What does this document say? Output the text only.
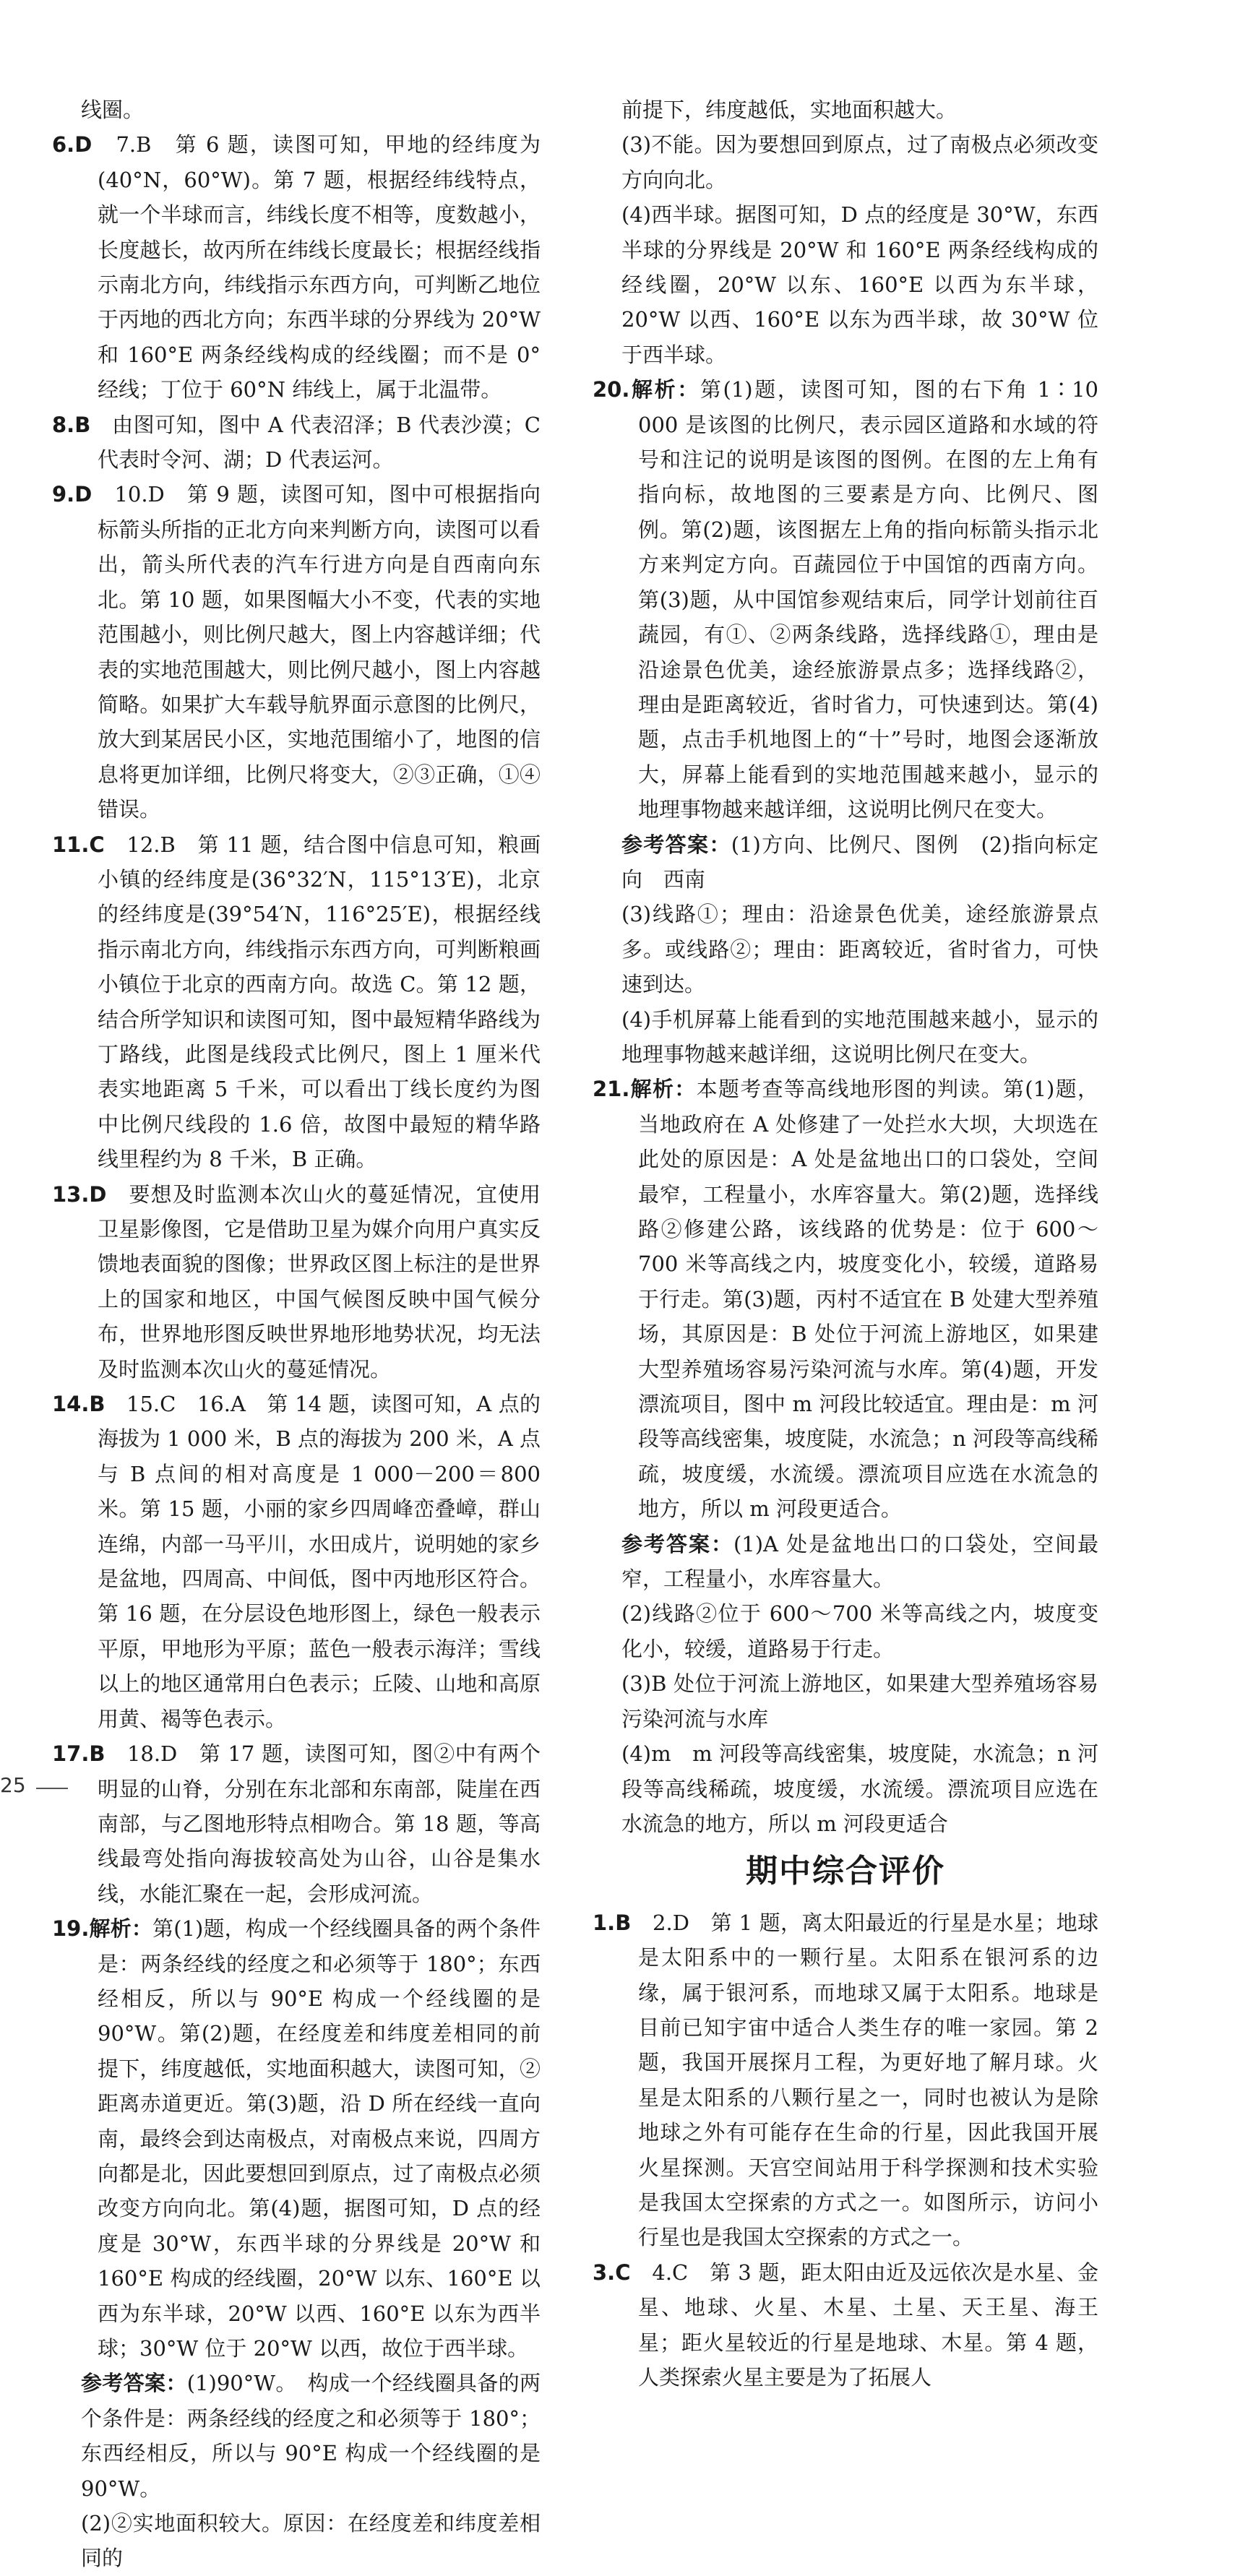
线圈。

6.D　 7.B　第 6 题，读图可知，甲地的经纬度为(40°N，60°W)。第 7 题，根据经纬线特点，就一个半球而言，纬线长度不相等，度数越小，长度越长，故丙所在纬线长度最长；根据经线指示南北方向，纬线指示东西方向，可判断乙地位于丙地的西北方向；东西半球的分界线为 20°W 和 160°E 两条经线构成的经线圈；而不是 0°经线；丁位于 60°N 纬线上，属于北温带。

8.B　 由图可知，图中 A 代表沼泽；B 代表沙漠；C 代表时令河、湖；D 代表运河。

9.D　 10.D　第 9 题，读图可知，图中可根据指向标箭头所指的正北方向来判断方向，读图可以看出，箭头所代表的汽车行进方向是自西南向东北。第 10 题，如果图幅大小不变，代表的实地范围越小，则比例尺越大，图上内容越详细；代表的实地范围越大，则比例尺越小，图上内容越简略。如果扩大车载导航界面示意图的比例尺，放大到某居民小区，实地范围缩小了，地图的信息将更加详细，比例尺将变大，②③正确，①④错误。

11.C　 12.B　第 11 题，结合图中信息可知，粮画小镇的经纬度是(36°32′N，115°13′E)，北京的经纬度是(39°54′N，116°25′E)，根据经线指示南北方向，纬线指示东西方向，可判断粮画小镇位于北京的西南方向。故选 C。第 12 题，结合所学知识和读图可知，图中最短精华路线为丁路线，此图是线段式比例尺，图上 1 厘米代表实地距离 5 千米，可以看出丁线长度约为图中比例尺线段的 1.6 倍，故图中最短的精华路线里程约为 8 千米，B 正确。

13.D　 要想及时监测本次山火的蔓延情况，宜使用卫星影像图，它是借助卫星为媒介向用户真实反馈地表面貌的图像；世界政区图上标注的是世界上的国家和地区，中国气候图反映中国气候分布，世界地形图反映世界地形地势状况，均无法及时监测本次山火的蔓延情况。

14.B　 15.C　16.A　第 14 题，读图可知，A 点的海拔为 1 000 米，B 点的海拔为 200 米，A 点与 B 点间的相对高度是 1 000－200＝800 米。第 15 题，小丽的家乡四周峰峦叠嶂，群山连绵，内部一马平川，水田成片，说明她的家乡是盆地，四周高、中间低，图中丙地形区符合。第 16 题，在分层设色地形图上，绿色一般表示平原，甲地形为平原；蓝色一般表示海洋；雪线以上的地区通常用白色表示；丘陵、山地和高原用黄、褐等色表示。

17.B　 18.D　第 17 题，读图可知，图②中有两个明显的山脊，分别在东北部和东南部，陡崖在西南部，与乙图地形特点相吻合。第 18 题，等高线最弯处指向海拔较高处为山谷，山谷是集水线，水能汇聚在一起，会形成河流。

19.解析：第(1)题，构成一个经线圈具备的两个条件是：两条经线的经度之和必须等于 180°；东西经相反，所以与 90°E 构成一个经线圈的是 90°W。第(2)题，在经度差和纬度差相同的前提下，纬度越低，实地面积越大，读图可知，②距离赤道更近。第(3)题，沿 D 所在经线一直向南，最终会到达南极点，对南极点来说，四周方向都是北，因此要想回到原点，过了南极点必须改变方向向北。第(4)题，据图可知，D 点的经度是 30°W，东西半球的分界线是 20°W 和 160°E 构成的经线圈，20°W 以东、160°E 以西为东半球，20°W 以西、160°E 以东为西半球；30°W 位于 20°W 以西，故位于西半球。

参考答案：(1)90°W。　构成一个经线圈具备的两个条件是：两条经线的经度之和必须等于 180°；东西经相反，所以与 90°E 构成一个经线圈的是 90°W。

(2)②实地面积较大。原因：在经度差和纬度差相同的

前提下，纬度越低，实地面积越大。

(3)不能。因为要想回到原点，过了南极点必须改变方向向北。

(4)西半球。据图可知，D 点的经度是 30°W，东西半球的分界线是 20°W 和 160°E 两条经线构成的经线圈，20°W 以东、160°E 以西为东半球，20°W 以西、160°E 以东为西半球，故 30°W 位于西半球。

20.解析：第(1)题，读图可知，图的右下角 1∶10 000 是该图的比例尺，表示园区道路和水域的符号和注记的说明是该图的图例。在图的左上角有指向标，故地图的三要素是方向、比例尺、图例。第(2)题，该图据左上角的指向标箭头指示北方来判定方向。百蔬园位于中国馆的西南方向。第(3)题，从中国馆参观结束后，同学计划前往百蔬园，有①、②两条线路，选择线路①，理由是沿途景色优美，途经旅游景点多；选择线路②，理由是距离较近，省时省力，可快速到达。第(4)题，点击手机地图上的“十”号时，地图会逐渐放大，屏幕上能看到的实地范围越来越小，显示的地理事物越来越详细，这说明比例尺在变大。

参考答案：(1)方向、比例尺、图例　(2)指向标定向　西南

(3)线路①；理由：沿途景色优美，途经旅游景点多。或线路②；理由：距离较近，省时省力，可快速到达。

(4)手机屏幕上能看到的实地范围越来越小，显示的地理事物越来越详细，这说明比例尺在变大。

21.解析：本题考查等高线地形图的判读。第(1)题，当地政府在 A 处修建了一处拦水大坝，大坝选在此处的原因是：A 处是盆地出口的口袋处，空间最窄，工程量小，水库容量大。第(2)题，选择线路②修建公路，该线路的优势是：位于 600～700 米等高线之内，坡度变化小，较缓，道路易于行走。第(3)题，丙村不适宜在 B 处建大型养殖场，其原因是：B 处位于河流上游地区，如果建大型养殖场容易污染河流与水库。第(4)题，开发漂流项目，图中 m 河段比较适宜。理由是：m 河段等高线密集，坡度陡，水流急；n 河段等高线稀疏，坡度缓，水流缓。漂流项目应选在水流急的地方，所以 m 河段更适合。

参考答案：(1)A 处是盆地出口的口袋处，空间最窄，工程量小，水库容量大。

(2)线路②位于 600～700 米等高线之内，坡度变化小，较缓，道路易于行走。

(3)B 处位于河流上游地区，如果建大型养殖场容易污染河流与水库

(4)m　m 河段等高线密集，坡度陡，水流急；n 河段等高线稀疏，坡度缓，水流缓。漂流项目应选在水流急的地方，所以 m 河段更适合

期中综合评价

1.B　 2.D　第 1 题，离太阳最近的行星是水星；地球是太阳系中的一颗行星。太阳系在银河系的边缘，属于银河系，而地球又属于太阳系。地球是目前已知宇宙中适合人类生存的唯一家园。第 2 题，我国开展探月工程，为更好地了解月球。火星是太阳系的八颗行星之一，同时也被认为是除地球之外有可能存在生命的行星，因此我国开展火星探测。天宫空间站用于科学探测和技术实验是我国太空探索的方式之一。如图所示，访问小行星也是我国太空探索的方式之一。

3.C　 4.C　第 3 题，距太阳由近及远依次是水星、金星、地球、火星、木星、土星、天王星、海王星；距火星较近的行星是地球、木星。第 4 题，人类探索火星主要是为了拓展人

25
